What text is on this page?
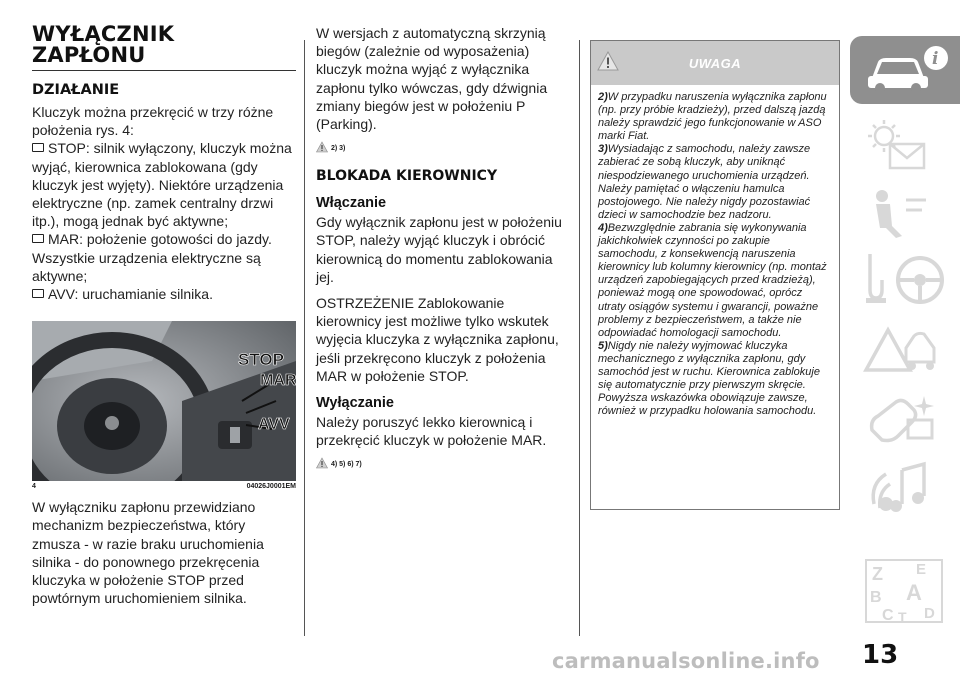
WYŁĄCZNIK
ZAPŁONU
DZIAŁANIE
Kluczyk można przekręcić w trzy różne położenia rys. 4:
STOP: silnik wyłączony, kluczyk można wyjąć, kierownica zablokowana (gdy kluczyk jest wyjęty). Niektóre urządzenia elektryczne (np. zamek centralny drzwi itp.), mogą jednak być aktywne;
MAR: położenie gotowości do jazdy. Wszystkie urządzenia elektryczne są aktywne;
AVV: uruchamianie silnika.
STOP
MAR
AVV
4	04026J0001EM
W wyłączniku zapłonu przewidziano mechanizm bezpieczeństwa, który zmusza - w razie braku uruchomienia silnika - do ponownego przekręcenia kluczyka w położenie STOP przed powtórnym uruchomieniem silnika.
W wersjach z automatyczną skrzynią biegów (zależnie od wyposażenia) kluczyk można wyjąć z wyłącznika zapłonu tylko wówczas, gdy dźwignia zmiany biegów jest w położeniu P (Parking).
2) 3)
BLOKADA KIEROWNICY
Włączanie
Gdy wyłącznik zapłonu jest w położeniu STOP, należy wyjąć kluczyk i obrócić kierownicą do momentu zablokowania jej.
OSTRZEŻENIE Zablokowanie kierownicy jest możliwe tylko wskutek wyjęcia kluczyka z wyłącznika zapłonu, jeśli przekręcono kluczyk z położenia MAR w położenie STOP.
Wyłączanie
Należy poruszyć lekko kierownicą i przekręcić kluczyk w położenie MAR.
4) 5) 6) 7)
UWAGA

2)W przypadku naruszenia wyłącznika zapłonu (np. przy próbie kradzieży), przed dalszą jazdą należy sprawdzić jego funkcjonowanie w ASO marki Fiat.

3)Wysiadając z samochodu, należy zawsze zabierać ze sobą kluczyk, aby uniknąć niespodziewanego uruchomienia urządzeń. Należy pamiętać o włączeniu hamulca postojowego. Nie należy nigdy pozostawiać dzieci w samochodzie bez nadzoru.

4)Bezwzględnie zabrania się wykonywania jakichkolwiek czynności po zakupie samochodu, z konsekwencją naruszenia kierownicy lub kolumny kierownicy (np. montaż urządzeń zapobiegających przed kradzieżą), ponieważ mogą one spowodować, oprócz utraty osiągów systemu i gwarancji, poważne problemy z bezpieczeństwem, a także nie odpowiadać homologacji samochodu.

5)Nigdy nie należy wyjmować kluczyka mechanicznego z wyłącznika zapłonu, gdy samochód jest w ruchu. Kierownica zablokuje się automatycznie przy pierwszym skręcie. Powyższa wskazówka obowiązuje zawsze, również w przypadku holowania samochodu.

i
Z E
B A
C T D
carmanualsonline.info 13
